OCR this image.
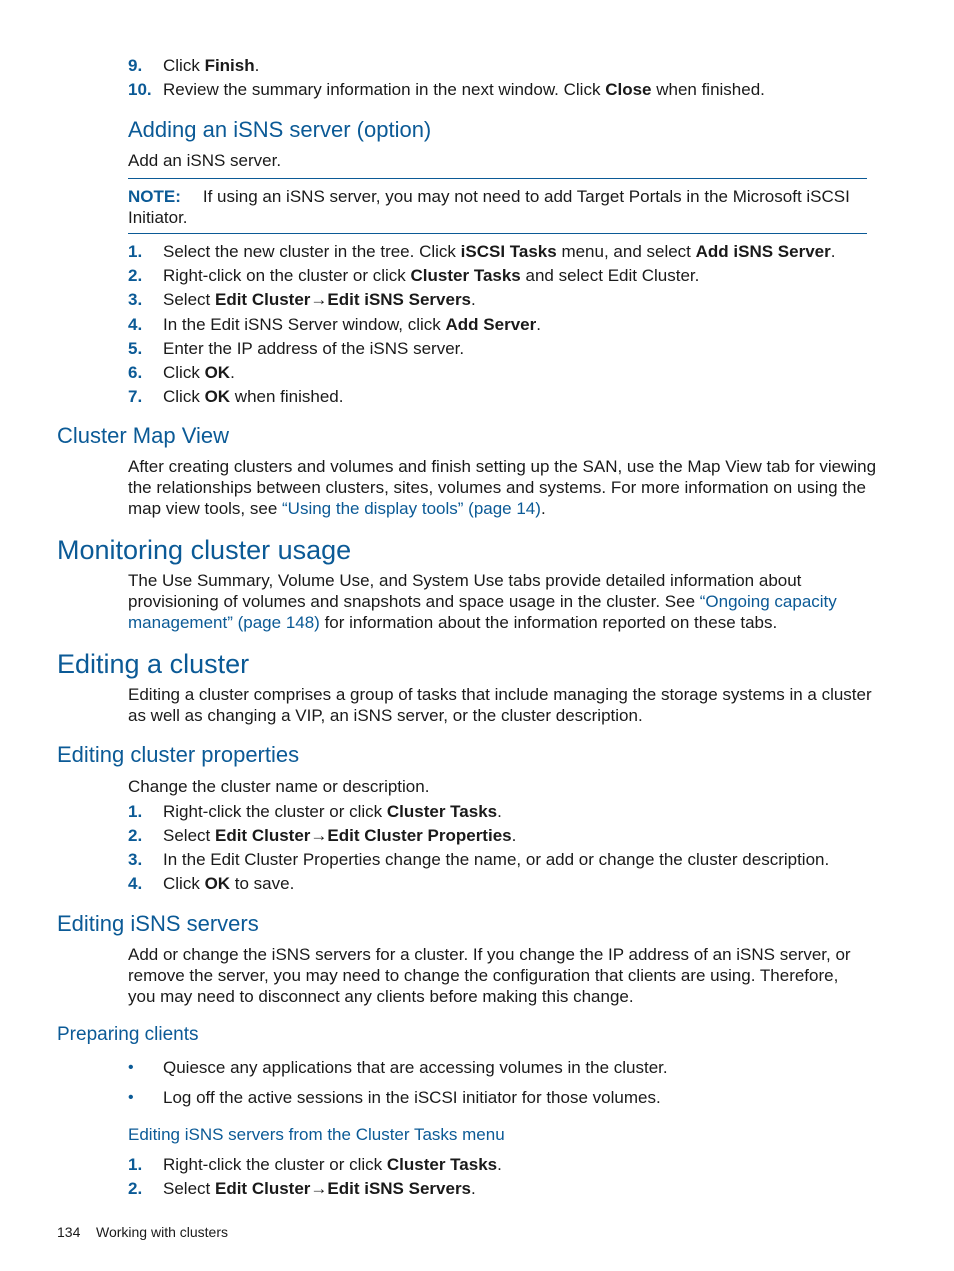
9. Click Finish.
10. Review the summary information in the next window. Click Close when finished.
Adding an iSNS server (option)
Add an iSNS server.
NOTE: If using an iSNS server, you may not need to add Target Portals in the Microsoft iSCSI
Initiator.
1. Select the new cluster in the tree. Click iSCSI Tasks menu, and select Add iSNS Server.
2. Right-click on the cluster or click Cluster Tasks and select Edit Cluster.
3. Select Edit Cluster→Edit iSNS Servers.
4. In the Edit iSNS Server window, click Add Server.
5. Enter the IP address of the iSNS server.
6. Click OK.
7. Click OK when finished.
Cluster Map View
After creating clusters and volumes and finish setting up the SAN, use the Map View tab for viewing
the relationships between clusters, sites, volumes and systems. For more information on using the
map view tools, see “Using the display tools” (page 14).
Monitoring cluster usage
The Use Summary, Volume Use, and System Use tabs provide detailed information about
provisioning of volumes and snapshots and space usage in the cluster. See “Ongoing capacity
management” (page 148) for information about the information reported on these tabs.
Editing a cluster
Editing a cluster comprises a group of tasks that include managing the storage systems in a cluster
as well as changing a VIP, an iSNS server, or the cluster description.
Editing cluster properties
Change the cluster name or description.
1. Right-click the cluster or click Cluster Tasks.
2. Select Edit Cluster→Edit Cluster Properties.
3. In the Edit Cluster Properties change the name, or add or change the cluster description.
4. Click OK to save.
Editing iSNS servers
Add or change the iSNS servers for a cluster. If you change the IP address of an iSNS server, or
remove the server, you may need to change the configuration that clients are using. Therefore,
you may need to disconnect any clients before making this change.
Preparing clients
• Quiesce any applications that are accessing volumes in the cluster.
• Log off the active sessions in the iSCSI initiator for those volumes.
Editing iSNS servers from the Cluster Tasks menu
1. Right-click the cluster or click Cluster Tasks.
2. Select Edit Cluster→Edit iSNS Servers.
134 Working with clusters
